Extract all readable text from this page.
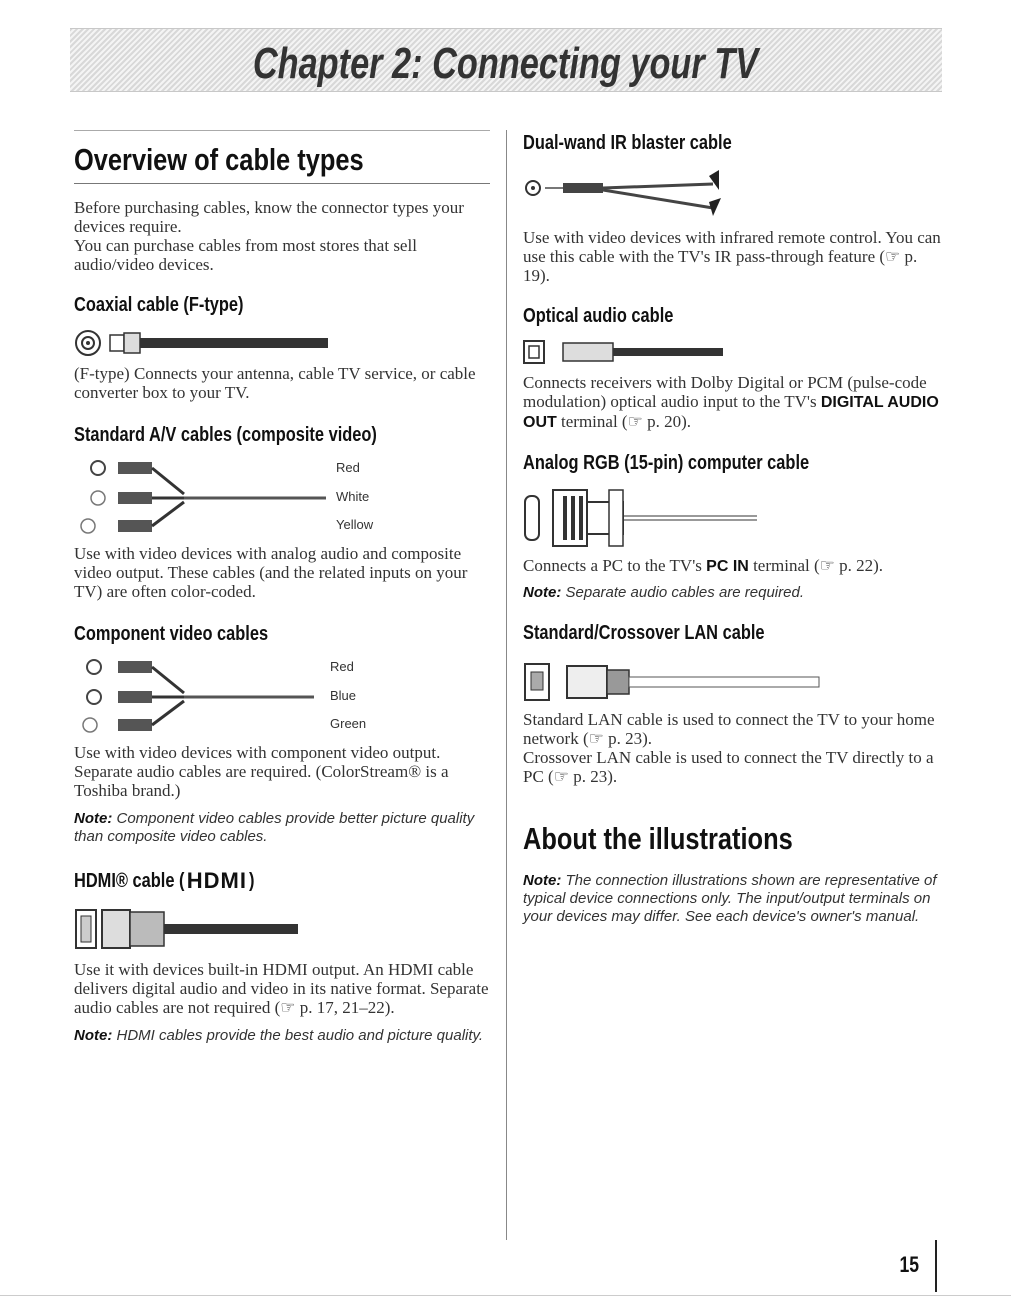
Chapter 2: Connecting your TV
Overview of cable types

Before purchasing cables, know the connector types your devices require.

You can purchase cables from most stores that sell audio/video devices.

Coaxial cable (F-type)

(F-type) Connects your antenna, cable TV service, or cable converter box to your TV.

Standard A/V cables (composite video)
Red
White
Yellow

Use with video devices with analog audio and composite video output. These cables (and the related inputs on your TV) are often color-coded.

Component video cables
Red
Blue
Green

Use with video devices with component video output. Separate audio cables are required. (ColorStream® is a Toshiba brand.)

Note: Component video cables provide better picture quality than composite video cables.

HDMI® cable ( HDMI )

Use it with devices built-in HDMI output. An HDMI cable delivers digital audio and video in its native format. Separate audio cables are not required (☞ p. 17, 21–22).

Note: HDMI cables provide the best audio and picture quality.

Dual-wand IR blaster cable

Use with video devices with infrared remote control. You can use this cable with the TV's IR pass-through feature (☞ p. 19).

Optical audio cable

Connects receivers with Dolby Digital or PCM (pulse-code modulation) optical audio input to the TV's DIGITAL AUDIO OUT terminal (☞ p. 20).

Analog RGB (15-pin) computer cable

Connects a PC to the TV's PC IN terminal (☞ p. 22).

Note: Separate audio cables are required.

Standard/Crossover LAN cable

Standard LAN cable is used to connect the TV to your home network (☞ p. 23).

Crossover LAN cable is used to connect the TV directly to a PC (☞ p. 23).

About the illustrations

Note: The connection illustrations shown are representative of typical device connections only. The input/output terminals on your devices may differ. See each device's owner's manual.

15
